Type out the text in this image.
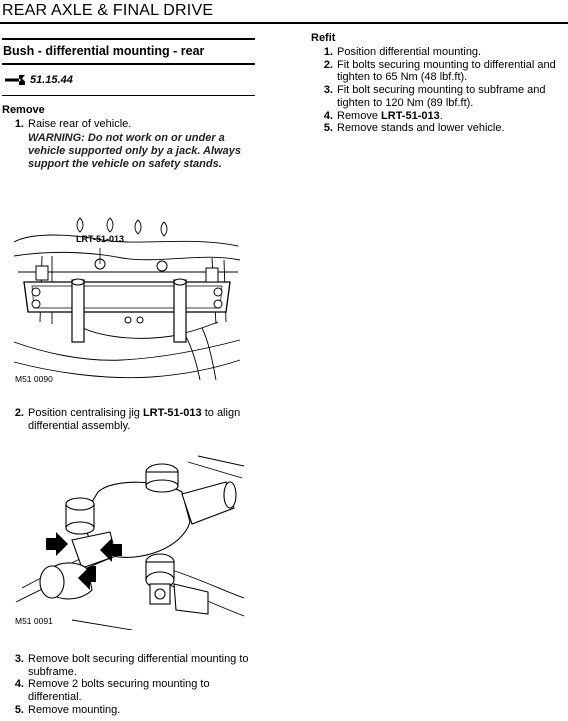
REAR AXLE & FINAL DRIVE
Bush - differential mounting - rear
51.15.44
Remove
1. Raise rear of vehicle.
WARNING: Do not work on or under a vehicle supported only by a jack. Always support the vehicle on safety stands.
LRT-51-013
M51 0090
2. Position centralising jig LRT-51-013 to align differential assembly.
M51 0091
3. Remove bolt securing differential mounting to subframe.
4. Remove 2 bolts securing mounting to differential.
5. Remove mounting.
Refit
1. Position differential mounting.
2. Fit bolts securing mounting to differential and tighten to 65 Nm (48 lbf.ft).
3. Fit bolt securing mounting to subframe and tighten to 120 Nm (89 lbf.ft).
4. Remove LRT-51-013.
5. Remove stands and lower vehicle.
